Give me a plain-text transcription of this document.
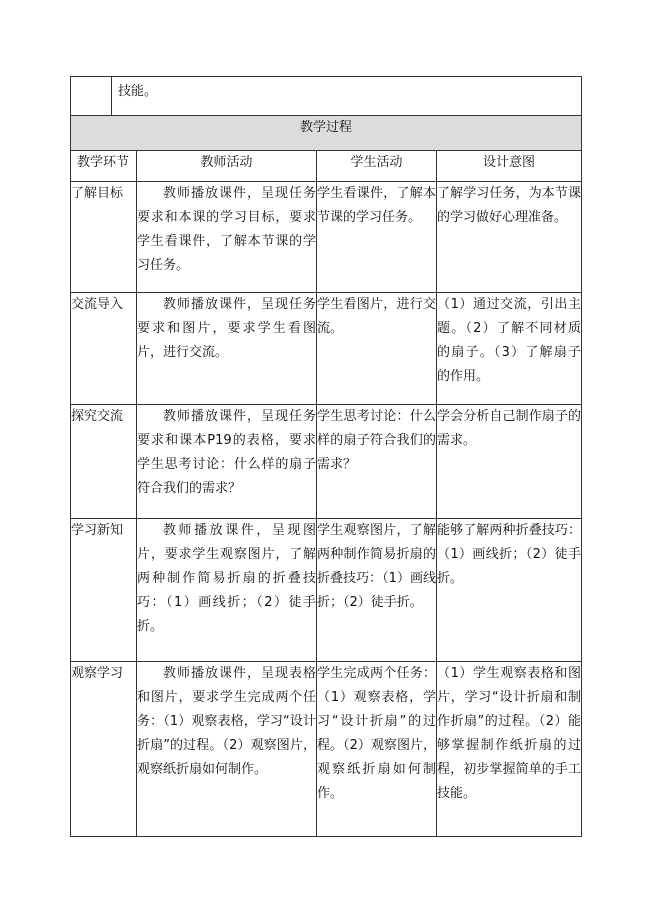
技能。			

教学过程			
教学环节	教师活动	学生活动	设计意图
了解目标	教师播放课件，呈现任务要求和本课的学习目标，要求学生看课件，了解本节课的学习任务。	学生看课件，了解本节课的学习任务。	了解学习任务，为本节课的学习做好心理准备。
交流导入	教师播放课件，呈现任务要求和图片，要求学生看图片，进行交流。	学生看图片，进行交流。	（1）通过交流，引出主题。（2）了解不同材质的扇子。（3）了解扇子的作用。
探究交流	教师播放课件，呈现任务要求和课本P19的表格，要求学生思考讨论：什么样的扇子符合我们的需求？	学生思考讨论：什么样的扇子符合我们的需求？	学会分析自己制作扇子的需求。
学习新知	教师播放课件，呈现图片，要求学生观察图片，了解两种制作简易折扇的折叠技巧：（1）画线折；（2）徒手折。	学生观察图片，了解两种制作简易折扇的折叠技巧：（1）画线折；（2）徒手折。	能够了解两种折叠技巧：（1）画线折；（2）徒手折。
观察学习	教师播放课件，呈现表格和图片，要求学生完成两个任务：（1）观察表格，学习“设计折扇”的过程。（2）观察图片，观察纸折扇如何制作。	学生完成两个任务：（1）观察表格，学习“设计折扇”的过程。（2）观察图片，观察纸折扇如何制作。	（1）学生观察表格和图片，学习“设计折扇和制作折扇”的过程。（2）能够掌握制作纸折扇的过程，初步掌握简单的手工技能。
